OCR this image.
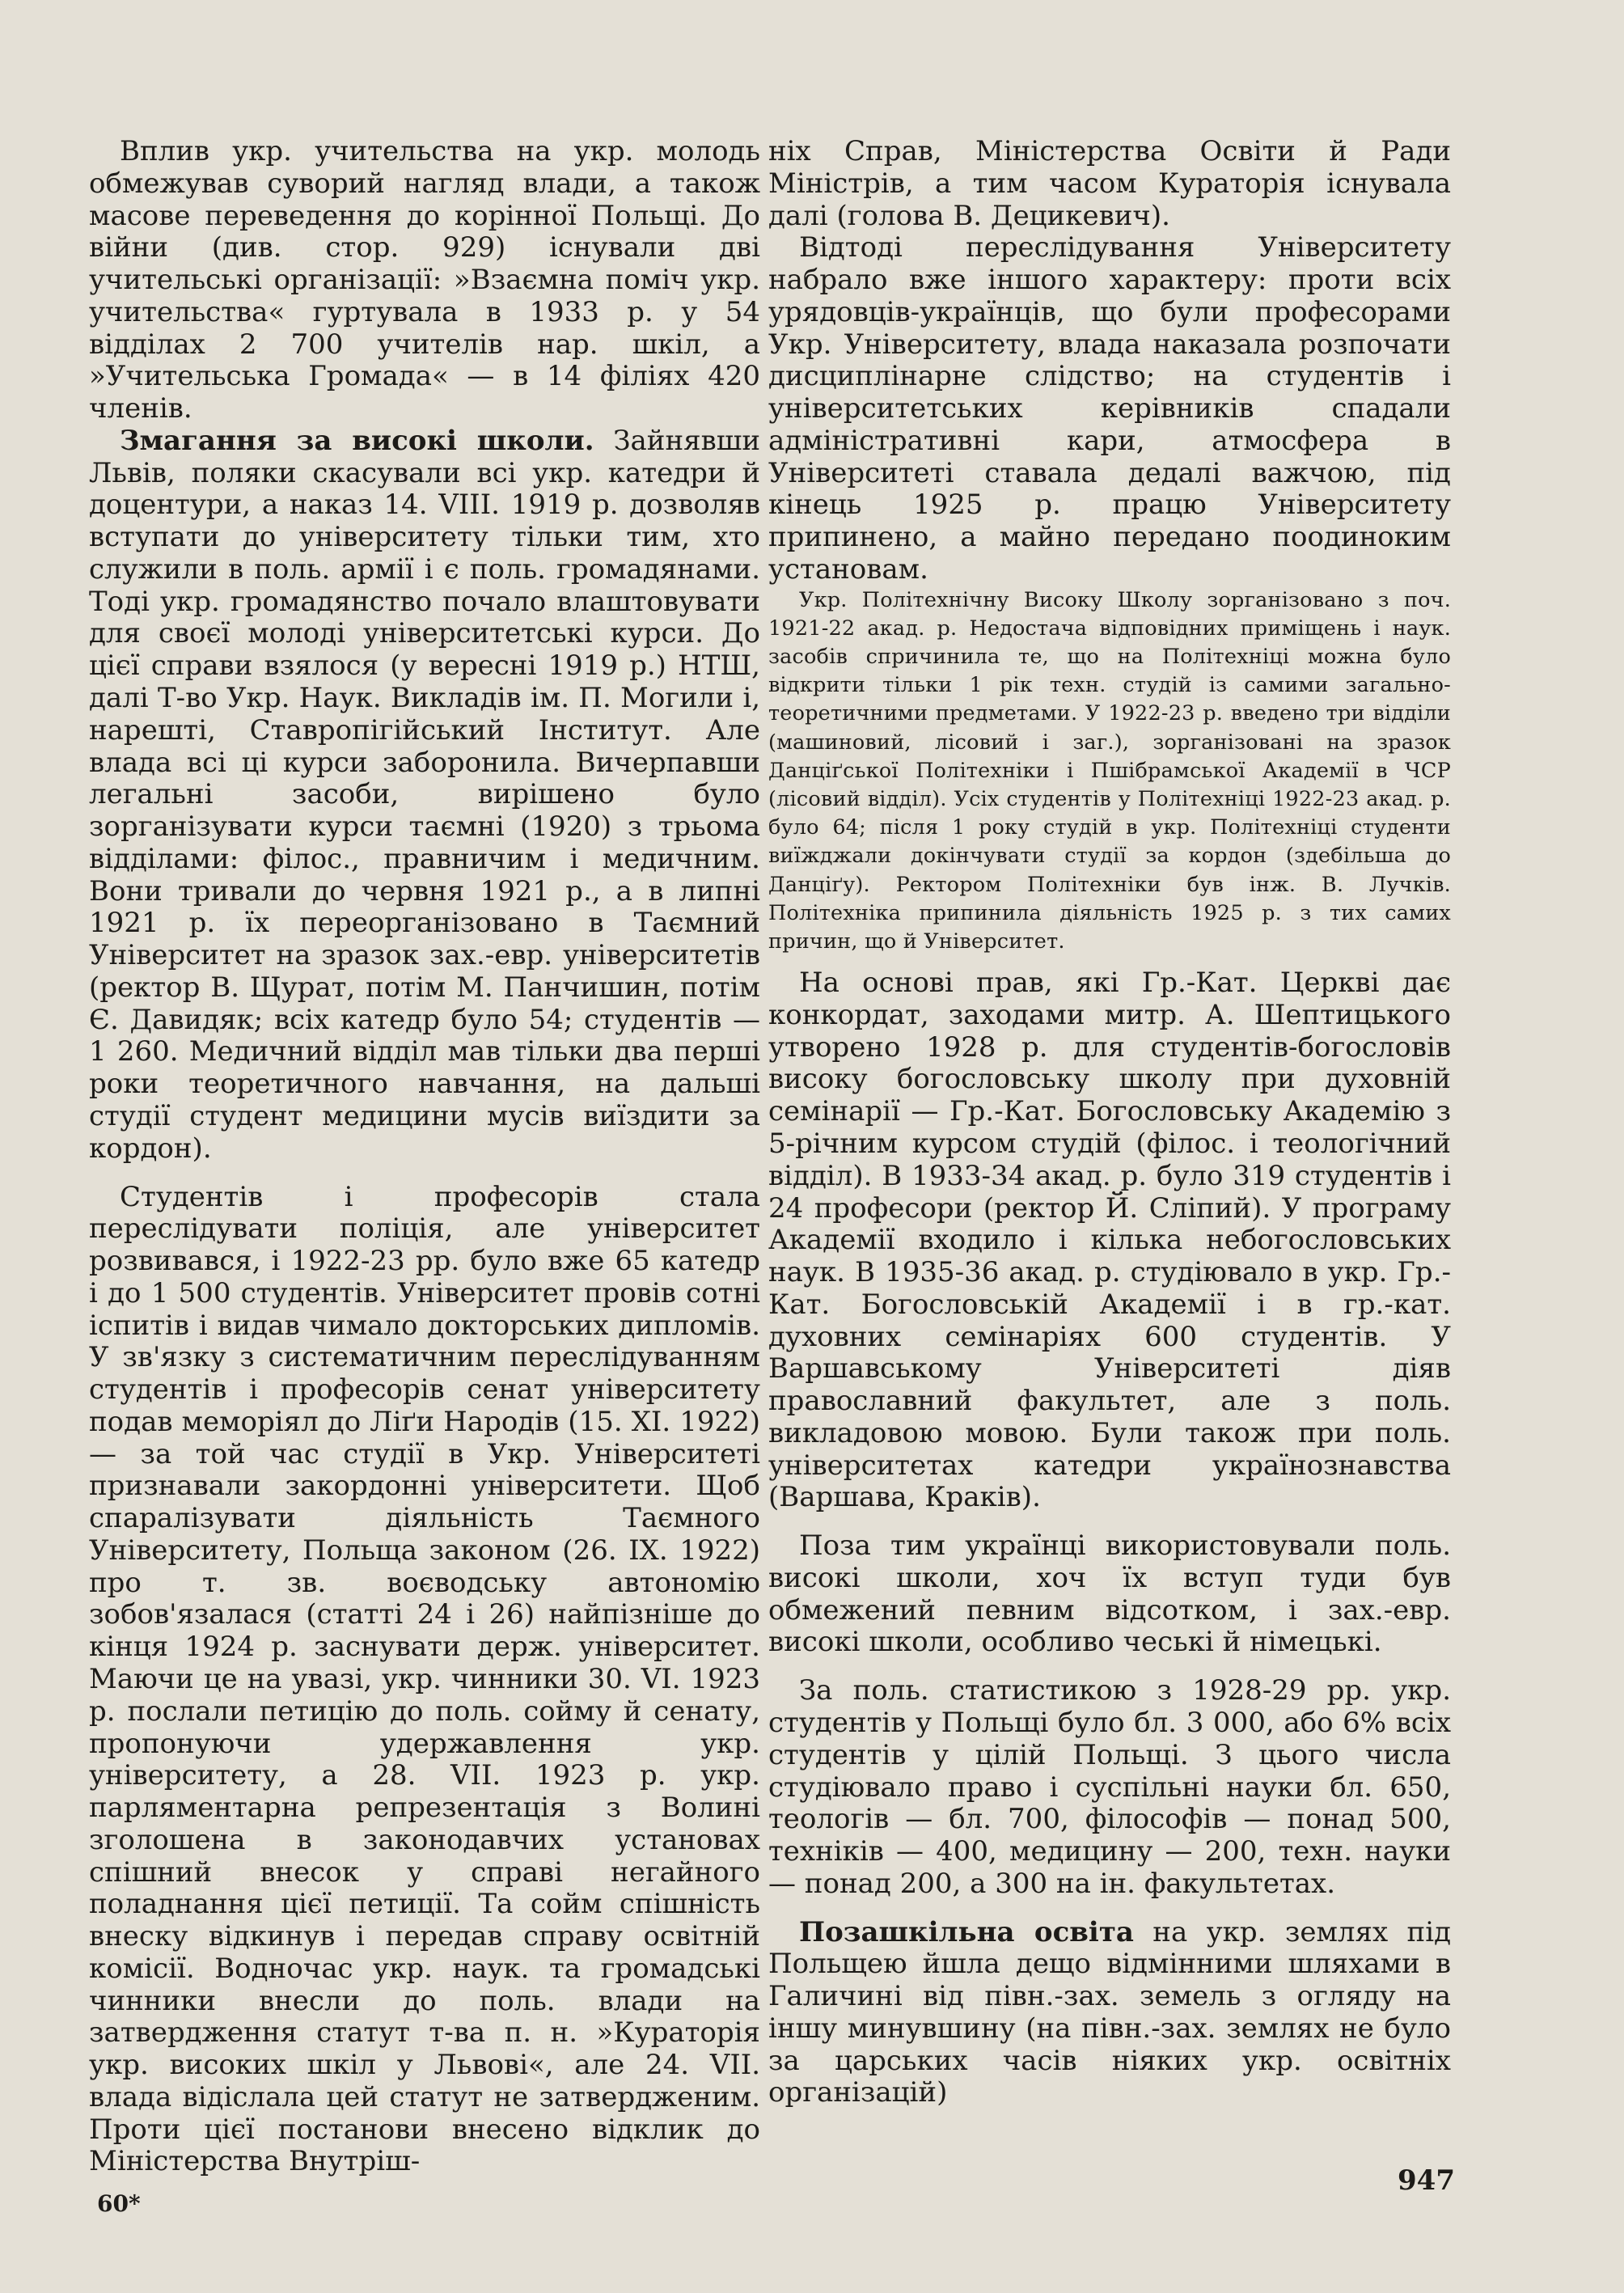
Вплив укр. учительства на укр. молодь обмежував суворий нагляд влади, а також масове переведення до корінної Польщі. До війни (див. стор. 929) існували дві учительські організації: »Взаємна поміч укр. учительства« гуртувала в 1933 р. у 54 відділах 2 700 учителів нар. шкіл, а »Учительська Громада« — в 14 філіях 420 членів.

Змагання за високі школи. Зайнявши Львів, поляки скасували всі укр. катедри й доцентури, а наказ 14. VIII. 1919 р. дозволяв вступати до університету тільки тим, хто служили в поль. армії і є поль. громадянами. Тоді укр. громадянство почало влаштовувати для своєї молоді університетські курси. До цієї справи взялося (у вересні 1919 р.) НТШ, далі Т-во Укр. Наук. Викладів ім. П. Могили і, нарешті, Ставропігійський Інститут. Але влада всі ці курси заборонила. Вичерпавши легальні засоби, вирішено було зорганізувати курси таємні (1920) з трьома відділами: філос., правничим і медичним. Вони тривали до червня 1921 р., а в липні 1921 р. їх переорганізовано в Таємний Університет на зразок зах.-евр. університетів (ректор В. Щурат, потім М. Панчишин, потім Є. Давидяк; всіх катедр було 54; студентів — 1 260. Медичний відділ мав тільки два перші роки теоретичного навчання, на дальші студії студент медицини мусів виїздити за кордон).

Студентів і професорів стала переслідувати поліція, але університет розвивався, і 1922-23 рр. було вже 65 катедр і до 1 500 студентів. Університет провів сотні іспитів і видав чимало докторських дипломів. У зв'язку з систематичним переслідуванням студентів і професорів сенат університету подав меморіял до Ліґи Народів (15. XI. 1922) — за той час студії в Укр. Університеті признавали закордонні університети. Щоб спаралізувати діяльність Таємного Університету, Польща законом (26. IX. 1922) про т. зв. воєводську автономію зобов'язалася (статті 24 і 26) найпізніше до кінця 1924 р. заснувати держ. університет. Маючи це на увазі, укр. чинники 30. VI. 1923 р. послали петицію до поль. сойму й сенату, пропонуючи удержавлення укр. університету, а 28. VII. 1923 р. укр. парляментарна репрезентація з Волині зголошена в законодавчих установах спішний внесок у справі негайного поладнання цієї петиції. Та сойм спішність внеску відкинув і передав справу освітній комісії. Водночас укр. наук. та громадські чинники внесли до поль. влади на затвердження статут т-ва п. н. »Кураторія укр. високих шкіл у Львові«, але 24. VII. влада відіслала цей статут не затвердженим. Проти цієї постанови внесено відклик до Міністерства Внутріш-

ніх Справ, Міністерства Освіти й Ради Міністрів, а тим часом Кураторія існувала далі (голова В. Децикевич).

Відтоді переслідування Університету набрало вже іншого характеру: проти всіх урядовців-українців, що були професорами Укр. Університету, влада наказала розпочати дисциплінарне слідство; на студентів і університетських керівників спадали адміністративні кари, атмосфера в Університеті ставала дедалі важчою, під кінець 1925 р. працю Університету припинено, а майно передано поодиноким установам.

Укр. Політехнічну Високу Школу зорганізовано з поч. 1921-22 акад. р. Недостача відповідних приміщень і наук. засобів спричинила те, що на Політехніці можна було відкрити тільки 1 рік техн. студій із самими загально-теоретичними предметами. У 1922-23 р. введено три відділи (машиновий, лісовий і заг.), зорганізовані на зразок Данціґської Політехніки і Пшібрамської Академії в ЧСР (лісовий відділ). Усіх студентів у Політехніці 1922-23 акад. р. було 64; після 1 року студій в укр. Політехніці студенти виїжджали докінчувати студії за кордон (здебільша до Данціґу). Ректором Політехніки був інж. В. Лучків. Політехніка припинила діяльність 1925 р. з тих самих причин, що й Університет.

На основі прав, які Гр.-Кат. Церкві дає конкордат, заходами митр. А. Шептицького утворено 1928 р. для студентів-богословів високу богословську школу при духовній семінарії — Гр.-Кат. Богословську Академію з 5-річним курсом студій (філос. і теологічний відділ). В 1933-34 акад. р. було 319 студентів і 24 професори (ректор Й. Сліпий). У програму Академії входило і кілька небогословських наук. В 1935-36 акад. р. студіювало в укр. Гр.-Кат. Богословській Академії і в гр.-кат. духовних семінаріях 600 студентів. У Варшавському Університеті діяв православний факультет, але з поль. викладовою мовою. Були також при поль. університетах катедри українознавства (Варшава, Краків).

Поза тим українці використовували поль. високі школи, хоч їх вступ туди був обмежений певним відсотком, і зах.-евр. високі школи, особливо чеські й німецькі.

За поль. статистикою з 1928-29 рр. укр. студентів у Польщі було бл. 3 000, або 6% всіх студентів у цілій Польщі. З цього числа студіювало право і суспільні науки бл. 650, теологів — бл. 700, філософів — понад 500, техніків — 400, медицину — 200, техн. науки — понад 200, а 300 на ін. факультетах.

Позашкільна освіта на укр. землях під Польщею йшла дещо відмінними шляхами в Галичині від півн.-зах. земель з огляду на іншу минувшину (на півн.-зах. землях не було за царських часів ніяких укр. освітніх організацій)

60*
947
